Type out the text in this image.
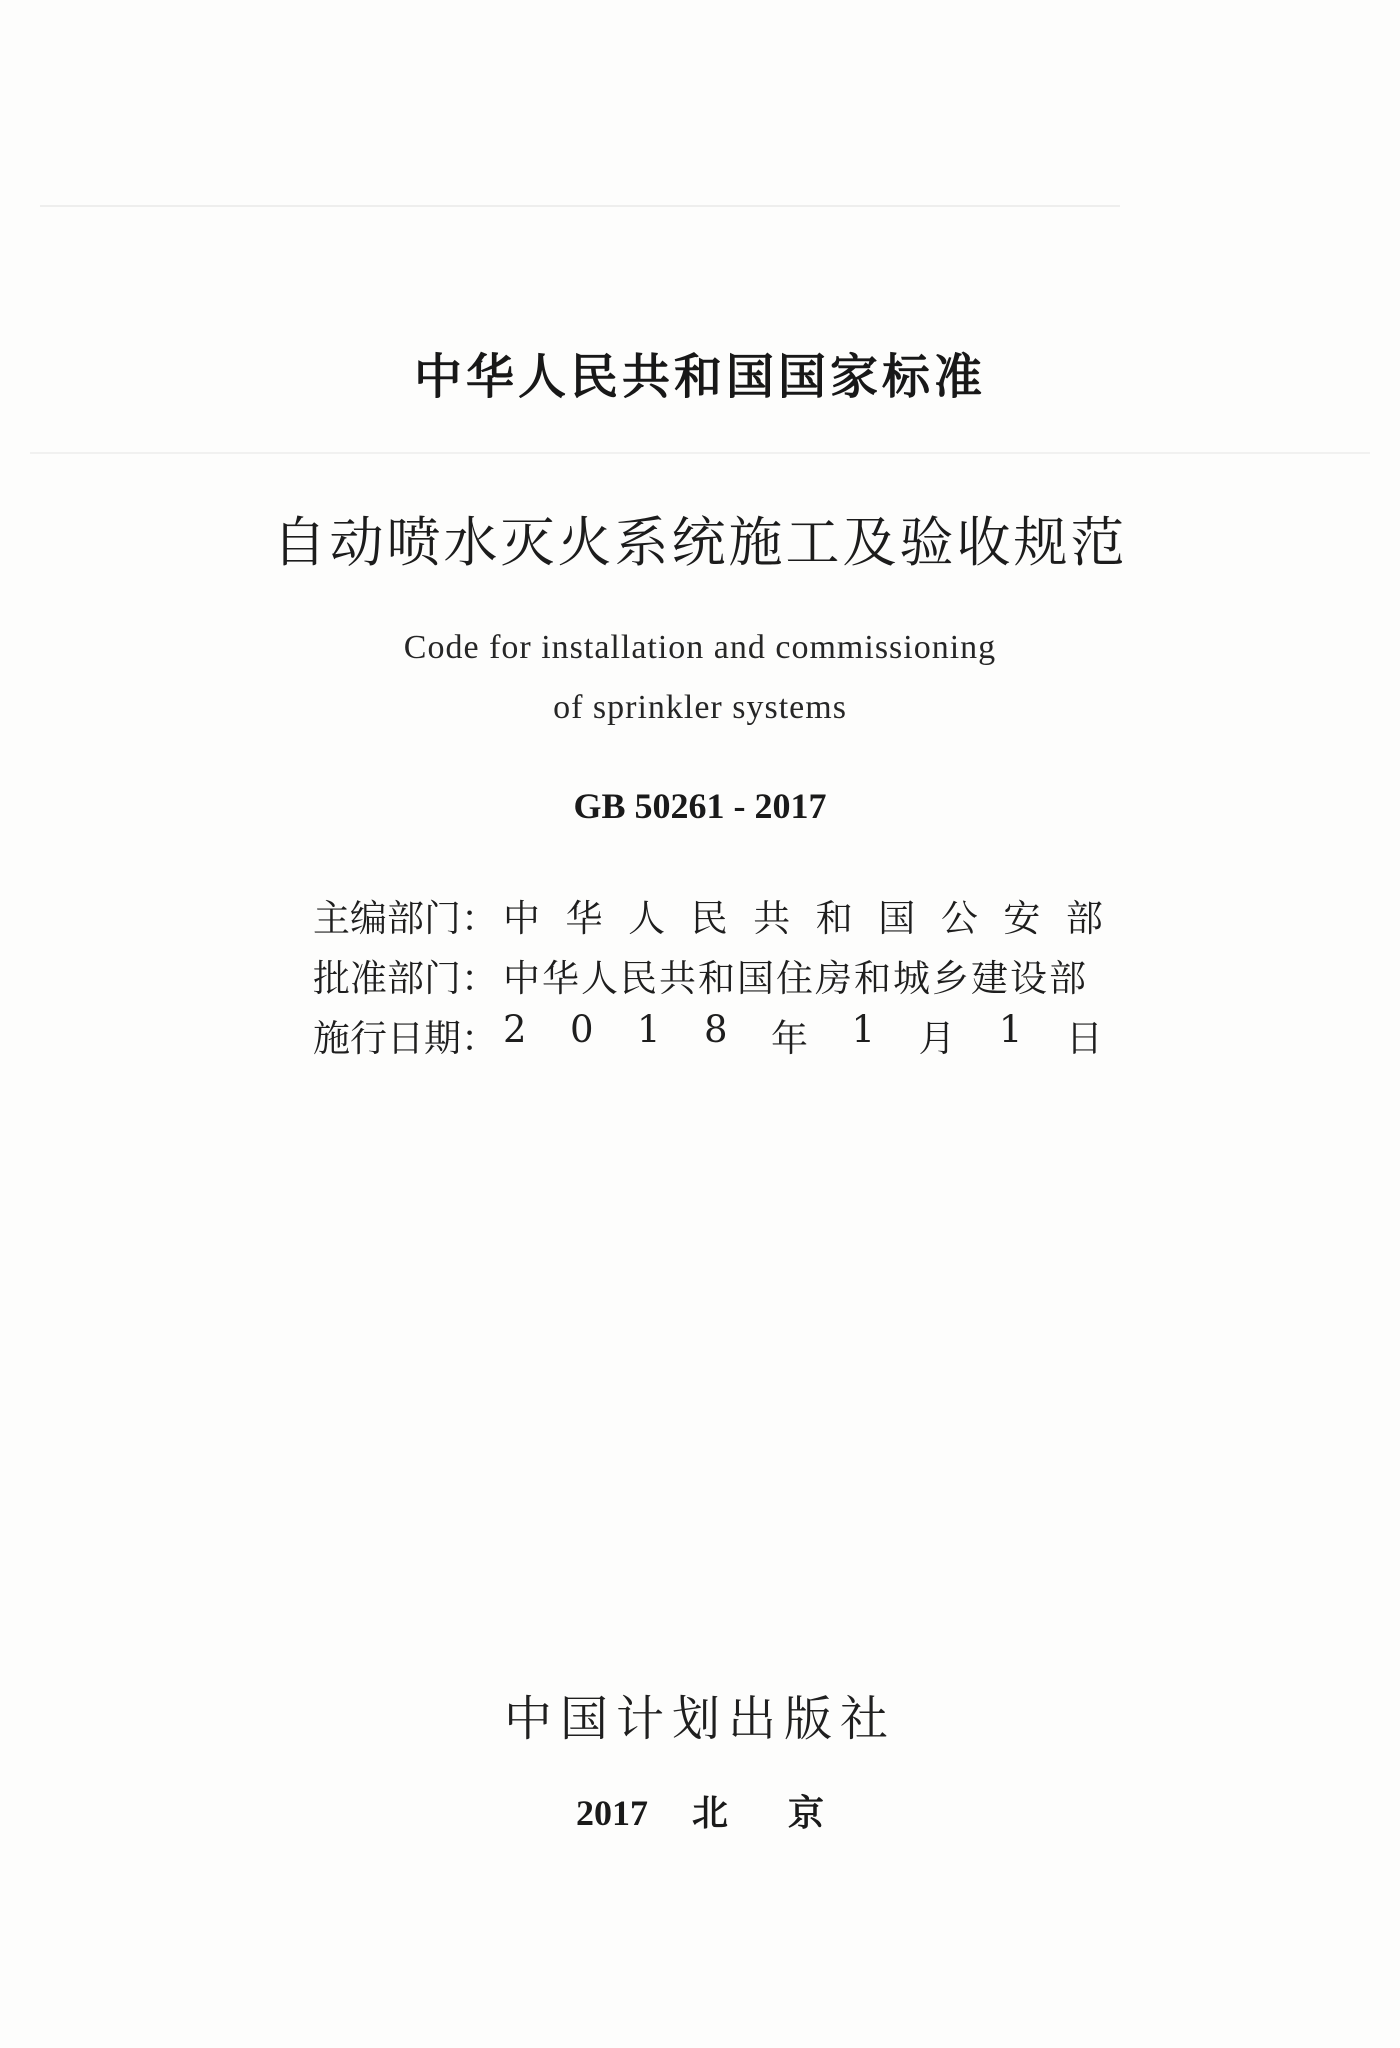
中华人民共和国国家标准
自动喷水灭火系统施工及验收规范
Code for installation and commissioning
of sprinkler systems
GB 50261 - 2017
主编部门： 中 华 人 民 共 和 国 公 安 部
批准部门： 中华人民共和国住房和城乡建设部
施行日期： 2 0 1 8 年 1 月 1 日
中国计划出版社
2017 北 京
